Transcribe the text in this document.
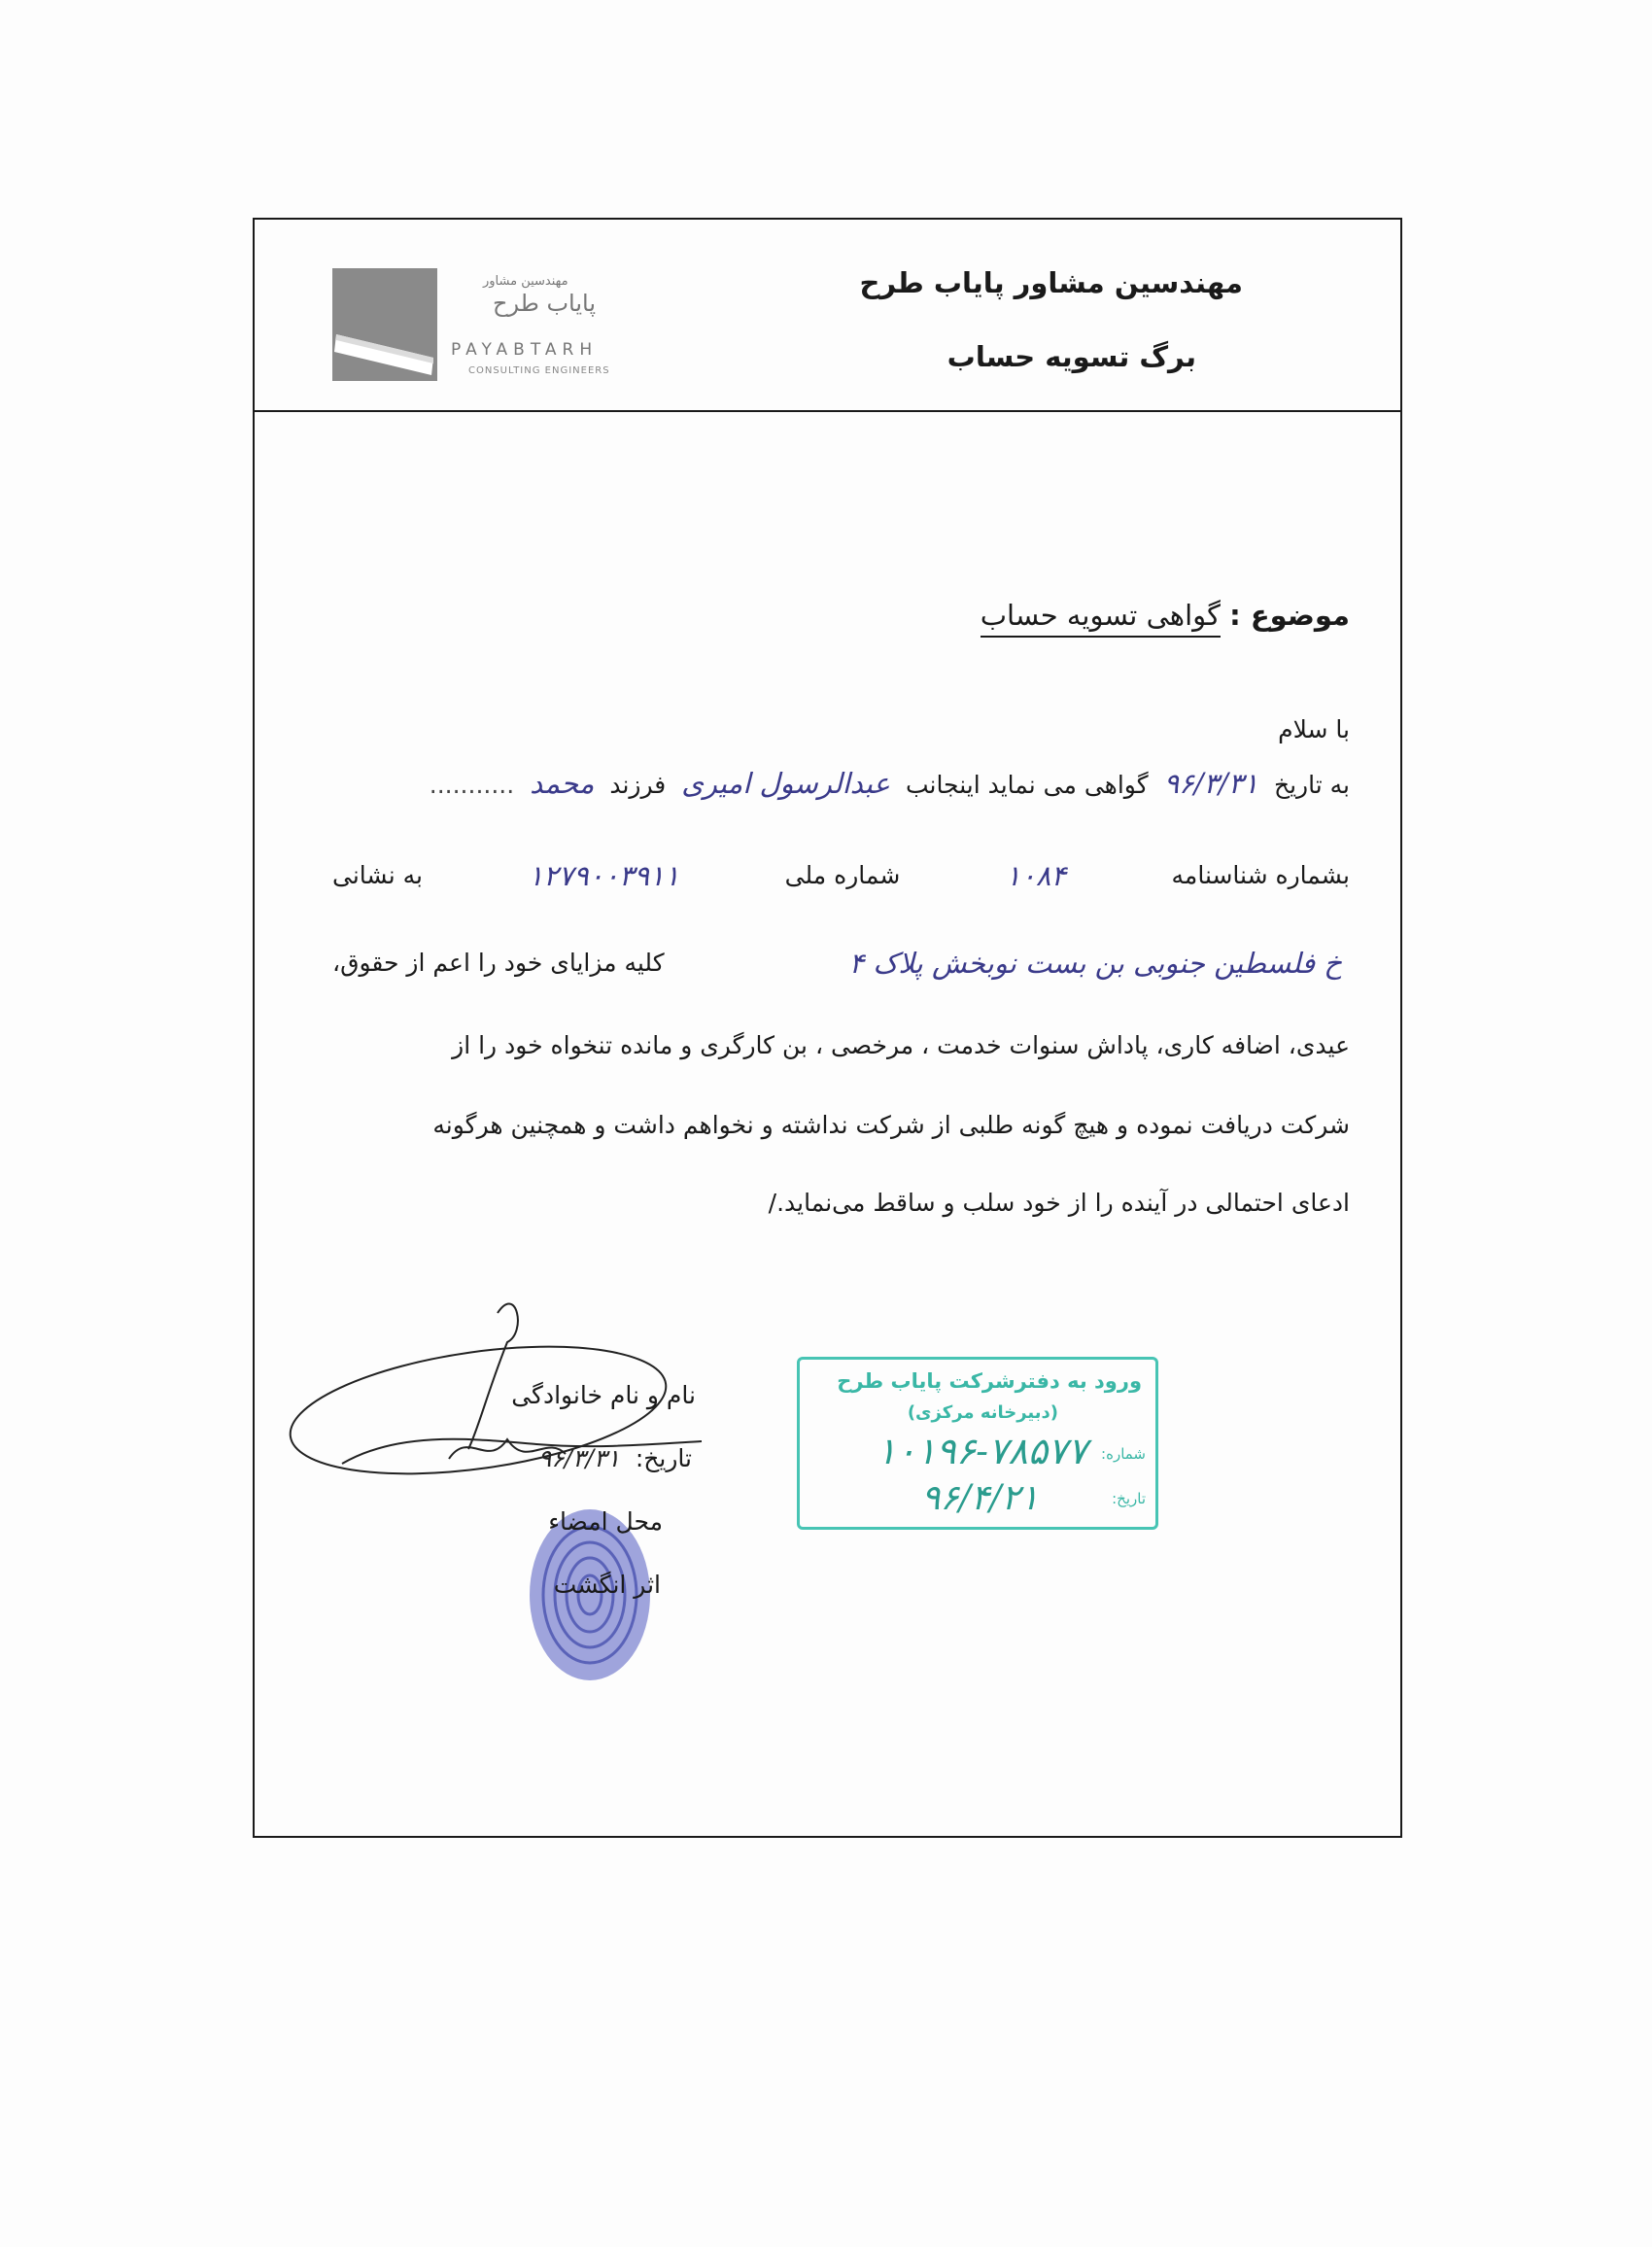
مهندسین مشاور
پایاب طرح
PAYABTARH
CONSULTING ENGINEERS
مهندسین مشاور پایاب طرح
برگ تسویه حساب
موضوع : گواهی تسویه حساب
با سلام
به تاریخ ۹۶/۳/۳۱ گواهی می نماید اینجانب عبدالرسول امیری فرزند محمد ...........
بشماره شناسنامه
۱۰۸۴
شماره ملی
۱۲۷۹۰۰۳۹۱۱
به نشانی
خ فلسطین جنوبی بن بست نوبخش پلاک ۴
کلیه مزایای خود را اعم از حقوق،
عیدی، اضافه کاری، پاداش سنوات خدمت ، مرخصی ، بن کارگری و مانده تنخواه خود را از
شرکت دریافت نموده و هیچ گونه طلبی از شرکت نداشته و نخواهم داشت و همچنین هرگونه
ادعای احتمالی در آینده را از خود سلب و ساقط می‌نماید./
نام و نام خانوادگی
تاریخ: ۹۶/۳/۳۱
محل امضاء
اثر انگشت
ورود به دفترشرکت پایاب طرح
(دبیرخانه مرکزی)
شماره:
۱۰۱۹۶-۷۸۵۷۷
تاریخ:
۹۶/۴/۲۱
